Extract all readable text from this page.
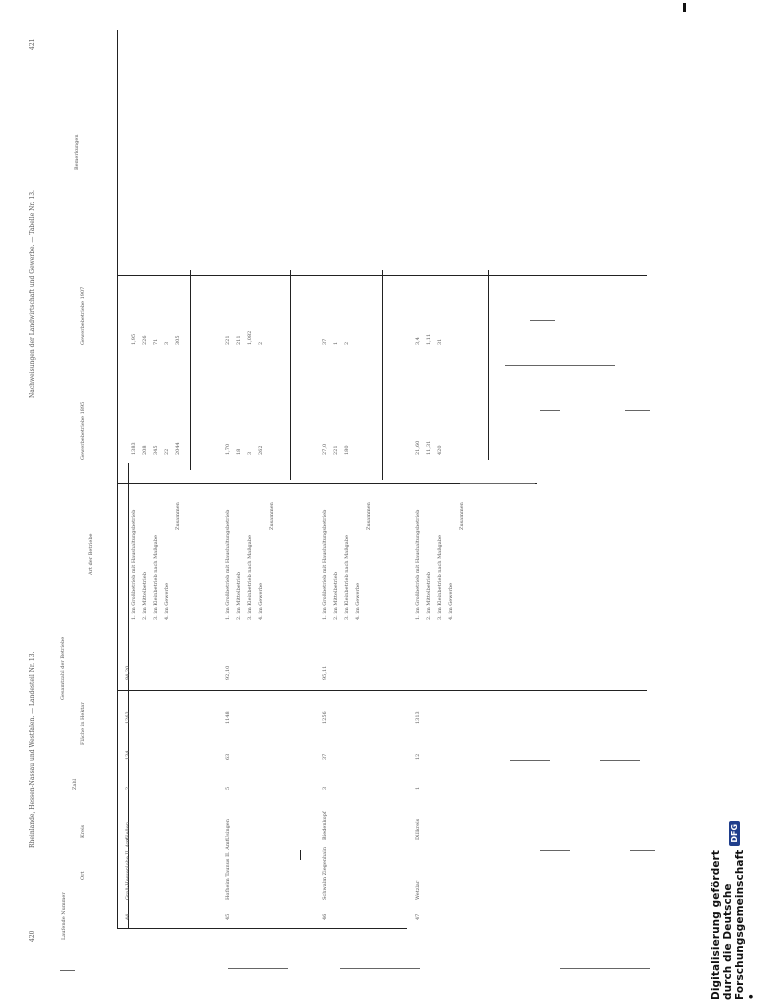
420
Rheinlande, Hessen-Nassau und Westfalen. — Landesteil Nr. 13.
421
Nachweisungen der Landwirtschaft und Gewerbe. — Tabelle Nr. 13.
Laufende Nummer
Ort
Kreis
Zahl
Fläche in Hektar
Gesamtzahl der Betriebe
Art der Betriebe
Gewerbebetriebe 1895
Gewerbebetriebe 1907
Bemerkungen
44
Groß-Hessenlohe II. Amt
Gießen
2
134
1263
84,20
1. im Großbetrieb mit Haushaltungsbetrieb 2. im Mittelbetrieb 3. im Kleinbetrieb nach Maßgabe 4. im Gewerbe
Zusammen
1383 208 345 22 2044
1,95 226 71 3 305
45
Hofheim Taunus II. Amt
Usingen
5
63
1148
92,10
1. im Großbetrieb mit Haushaltungsbetrieb 2. im Mittelbetrieb 3. im Kleinbetrieb nach Maßgabe 4. im Gewerbe
Zusammen
1,70 18 3 262
221 211 1,082 2
46
Schwalm Ziegenhain
Biedenkopf
3
37
1256
95,11
1. im Großbetrieb mit Haushaltungsbetrieb 2. im Mittelbetrieb 3. im Kleinbetrieb nach Maßgabe 4. im Gewerbe
Zusammen
27,0 221 180
37 1 2
47
Wetzlar
Dillkreis
1
12
1313
1. im Großbetrieb mit Haushaltungsbetrieb 2. im Mittelbetrieb 3. im Kleinbetrieb nach Maßgabe 4. im Gewerbe
Zusammen
21,60 11,31 420
3,4 1,11 31
Digitalisierung gefördert durch die Deutsche Forschungsgemeinschaft •
DFG
